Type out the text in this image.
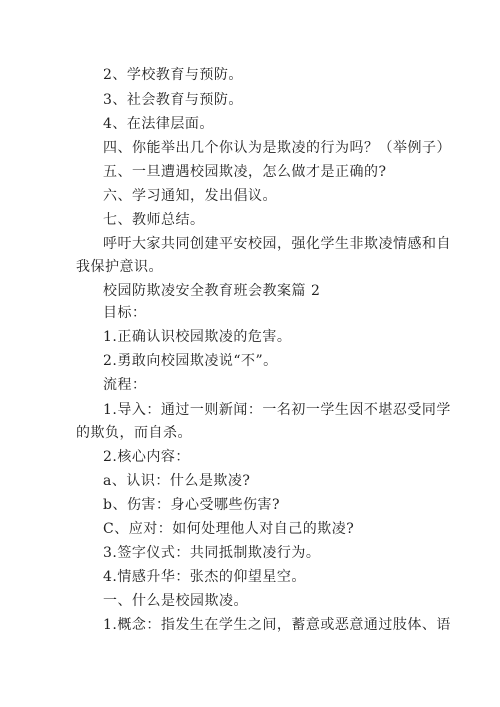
2、学校教育与预防。
3、社会教育与预防。
4、在法律层面。
四、你能举出几个你认为是欺凌的行为吗？（举例子）
五、一旦遭遇校园欺凌，怎么做才是正确的?
六、学习通知，发出倡议。
七、教师总结。
呼吁大家共同创建平安校园，强化学生非欺凌情感和自
我保护意识。
校园防欺凌安全教育班会教案篇 2
目标：
1.正确认识校园欺凌的危害。
2.勇敢向校园欺凌说“不”。
流程：
1.导入：通过一则新闻：一名初一学生因不堪忍受同学
的欺负，而自杀。
2.核心内容：
a、认识：什么是欺凌?
b、伤害：身心受哪些伤害?
C、应对：如何处理他人对自己的欺凌?
3.签字仪式：共同抵制欺凌行为。
4.情感升华：张杰的仰望星空。
一、什么是校园欺凌。
1.概念：指发生在学生之间，蓄意或恶意通过肢体、语
